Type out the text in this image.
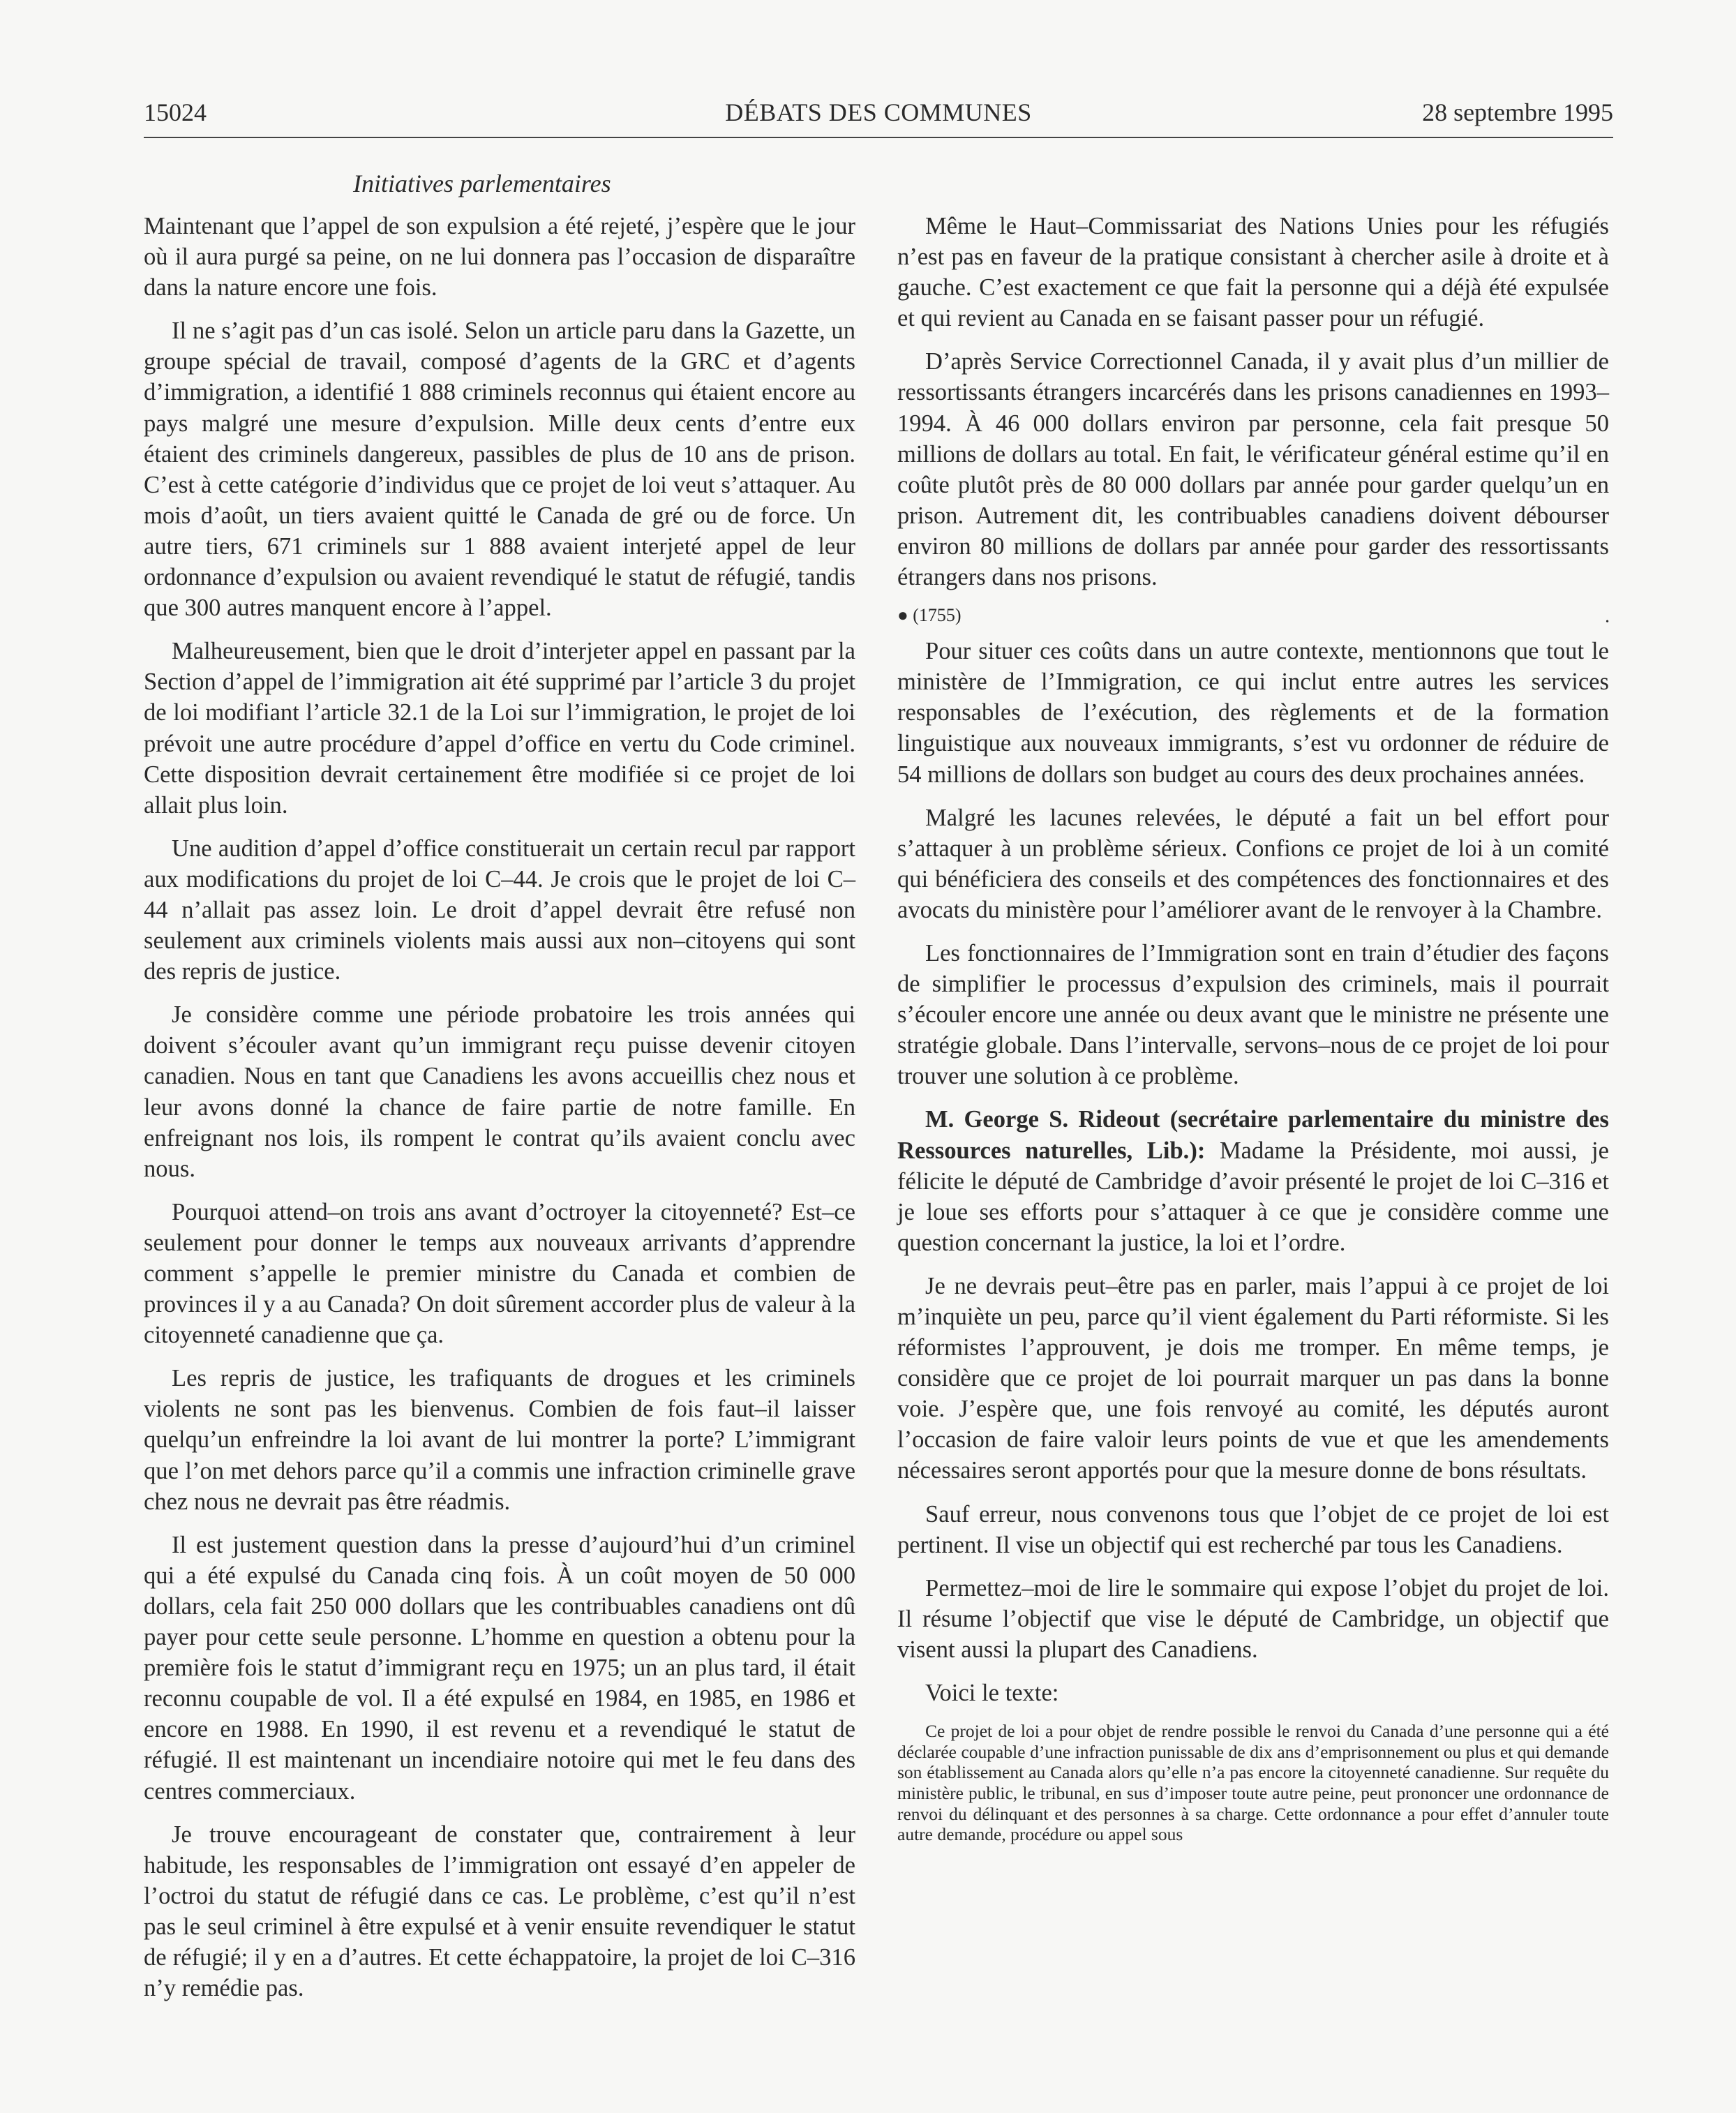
15024	DÉBATS DES COMMUNES	28 septembre 1995
Initiatives parlementaires

Maintenant que l’appel de son expulsion a été rejeté, j’espère que le jour où il aura purgé sa peine, on ne lui donnera pas l’occasion de disparaître dans la nature encore une fois.

Il ne s’agit pas d’un cas isolé. Selon un article paru dans la Gazette, un groupe spécial de travail, composé d’agents de la GRC et d’agents d’immigration, a identifié 1 888 criminels reconnus qui étaient encore au pays malgré une mesure d’expulsion. Mille deux cents d’entre eux étaient des criminels dangereux, passibles de plus de 10 ans de prison. C’est à cette catégorie d’individus que ce projet de loi veut s’attaquer. Au mois d’août, un tiers avaient quitté le Canada de gré ou de force. Un autre tiers, 671 criminels sur 1 888 avaient interjeté appel de leur ordonnance d’expulsion ou avaient revendiqué le statut de réfugié, tandis que 300 autres manquent encore à l’appel.

Malheureusement, bien que le droit d’interjeter appel en passant par la Section d’appel de l’immigration ait été supprimé par l’article 3 du projet de loi modifiant l’article 32.1 de la Loi sur l’immigration, le projet de loi prévoit une autre procédure d’appel d’office en vertu du Code criminel. Cette disposition devrait certainement être modifiée si ce projet de loi allait plus loin.

Une audition d’appel d’office constituerait un certain recul par rapport aux modifications du projet de loi C–44. Je crois que le projet de loi C–44 n’allait pas assez loin. Le droit d’appel devrait être refusé non seulement aux criminels violents mais aussi aux non–citoyens qui sont des repris de justice.

Je considère comme une période probatoire les trois années qui doivent s’écouler avant qu’un immigrant reçu puisse devenir citoyen canadien. Nous en tant que Canadiens les avons accueillis chez nous et leur avons donné la chance de faire partie de notre famille. En enfreignant nos lois, ils rompent le contrat qu’ils avaient conclu avec nous.

Pourquoi attend–on trois ans avant d’octroyer la citoyenneté? Est–ce seulement pour donner le temps aux nouveaux arrivants d’apprendre comment s’appelle le premier ministre du Canada et combien de provinces il y a au Canada? On doit sûrement accorder plus de valeur à la citoyenneté canadienne que ça.

Les repris de justice, les trafiquants de drogues et les criminels violents ne sont pas les bienvenus. Combien de fois faut–il laisser quelqu’un enfreindre la loi avant de lui montrer la porte? L’immigrant que l’on met dehors parce qu’il a commis une infraction criminelle grave chez nous ne devrait pas être réadmis.

Il est justement question dans la presse d’aujourd’hui d’un criminel qui a été expulsé du Canada cinq fois. À un coût moyen de 50 000 dollars, cela fait 250 000 dollars que les contribuables canadiens ont dû payer pour cette seule personne. L’homme en question a obtenu pour la première fois le statut d’immigrant reçu en 1975; un an plus tard, il était reconnu coupable de vol. Il a été expulsé en 1984, en 1985, en 1986 et encore en 1988. En 1990, il est revenu et a revendiqué le statut de réfugié. Il est maintenant un incendiaire notoire qui met le feu dans des centres commerciaux.

Je trouve encourageant de constater que, contrairement à leur habitude, les responsables de l’immigration ont essayé d’en appeler de l’octroi du statut de réfugié dans ce cas. Le problème, c’est qu’il n’est pas le seul criminel à être expulsé et à venir ensuite revendiquer le statut de réfugié; il y en a d’autres. Et cette échappatoire, la projet de loi C–316 n’y remédie pas.

Même le Haut–Commissariat des Nations Unies pour les réfugiés n’est pas en faveur de la pratique consistant à chercher asile à droite et à gauche. C’est exactement ce que fait la personne qui a déjà été expulsée et qui revient au Canada en se faisant passer pour un réfugié.

D’après Service Correctionnel Canada, il y avait plus d’un millier de ressortissants étrangers incarcérés dans les prisons canadiennes en 1993–1994. À 46 000 dollars environ par personne, cela fait presque 50 millions de dollars au total. En fait, le vérificateur général estime qu’il en coûte plutôt près de 80 000 dollars par année pour garder quelqu’un en prison. Autrement dit, les contribuables canadiens doivent débourser environ 80 millions de dollars par année pour garder des ressortissants étrangers dans nos prisons.

● (1755)	•

Pour situer ces coûts dans un autre contexte, mentionnons que tout le ministère de l’Immigration, ce qui inclut entre autres les services responsables de l’exécution, des règlements et de la formation linguistique aux nouveaux immigrants, s’est vu ordonner de réduire de 54 millions de dollars son budget au cours des deux prochaines années.

Malgré les lacunes relevées, le député a fait un bel effort pour s’attaquer à un problème sérieux. Confions ce projet de loi à un comité qui bénéficiera des conseils et des compétences des fonctionnaires et des avocats du ministère pour l’améliorer avant de le renvoyer à la Chambre.

Les fonctionnaires de l’Immigration sont en train d’étudier des façons de simplifier le processus d’expulsion des criminels, mais il pourrait s’écouler encore une année ou deux avant que le ministre ne présente une stratégie globale. Dans l’intervalle, servons–nous de ce projet de loi pour trouver une solution à ce problème.

M. George S. Rideout (secrétaire parlementaire du ministre des Ressources naturelles, Lib.): Madame la Présidente, moi aussi, je félicite le député de Cambridge d’avoir présenté le projet de loi C–316 et je loue ses efforts pour s’attaquer à ce que je considère comme une question concernant la justice, la loi et l’ordre.

Je ne devrais peut–être pas en parler, mais l’appui à ce projet de loi m’inquiète un peu, parce qu’il vient également du Parti réformiste. Si les réformistes l’approuvent, je dois me tromper. En même temps, je considère que ce projet de loi pourrait marquer un pas dans la bonne voie. J’espère que, une fois renvoyé au comité, les députés auront l’occasion de faire valoir leurs points de vue et que les amendements nécessaires seront apportés pour que la mesure donne de bons résultats.

Sauf erreur, nous convenons tous que l’objet de ce projet de loi est pertinent. Il vise un objectif qui est recherché par tous les Canadiens.

Permettez–moi de lire le sommaire qui expose l’objet du projet de loi. Il résume l’objectif que vise le député de Cambridge, un objectif que visent aussi la plupart des Canadiens.

Voici le texte:

Ce projet de loi a pour objet de rendre possible le renvoi du Canada d’une personne qui a été déclarée coupable d’une infraction punissable de dix ans d’emprisonnement ou plus et qui demande son établissement au Canada alors qu’elle n’a pas encore la citoyenneté canadienne. Sur requête du ministère public, le tribunal, en sus d’imposer toute autre peine, peut prononcer une ordonnance de renvoi du délinquant et des personnes à sa charge. Cette ordonnance a pour effet d’annuler toute autre demande, procédure ou appel sous
